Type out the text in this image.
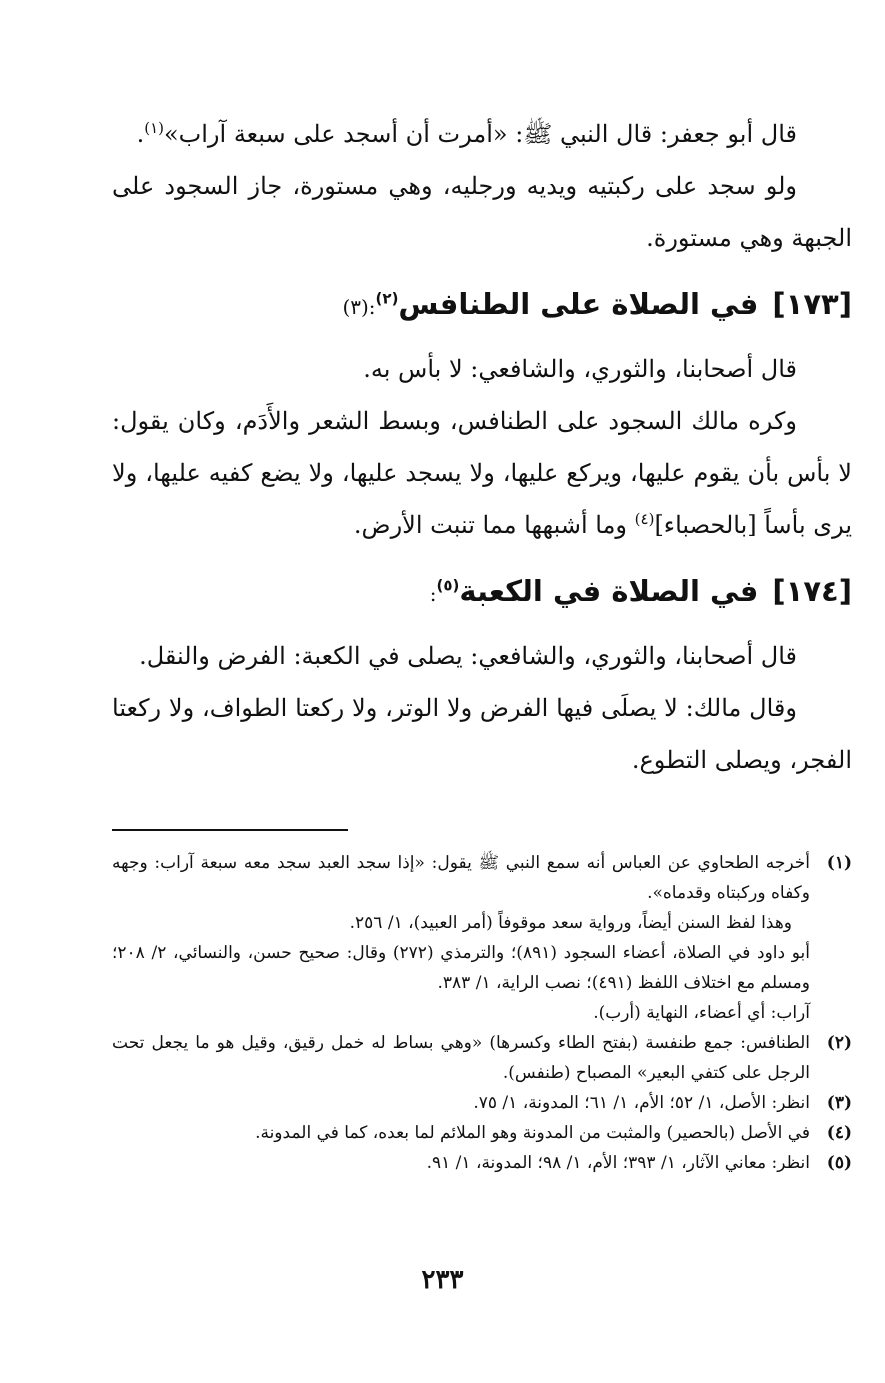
قال أبو جعفر: قال النبي ﷺ: «أمرت أن أسجد على سبعة آراب»$^{(١)}$.

ولو سجد على ركبتيه ويديه ورجليه، وهي مستورة، جاز السجود على الجبهة وهي مستورة.

[١٧٣]في الصلاة على الطنافس$^{(٢)}$:(٣)

قال أصحابنا، والثوري، والشافعي: لا بأس به.

وكره مالك السجود على الطنافس، وبسط الشعر والأَدَم، وكان يقول: لا بأس بأن يقوم عليها، ويركع عليها، ولا يسجد عليها، ولا يضع كفيه عليها، ولا يرى بأساً [بالحصباء]$^{(٤)}$ وما أشبهها مما تنبت الأرض.

[١٧٤]في الصلاة في الكعبة$^{(٥)}$:

قال أصحابنا، والثوري، والشافعي: يصلى في الكعبة: الفرض والنقل.

وقال مالك: لا يصلَى فيها الفرض ولا الوتر، ولا ركعتا الطواف، ولا ركعتا الفجر، ويصلى التطوع.

(١)

أخرجه الطحاوي عن العباس أنه سمع النبي ﷺ يقول: «إذا سجد العبد سجد معه سبعة آراب: وجهه وكفاه وركبتاه وقدماه».

وهذا لفظ السنن أيضاً، ورواية سعد موقوفاً (أمر العبيد)، ١/ ٢٥٦.

أبو داود في الصلاة، أعضاء السجود (٨٩١)؛ والترمذي (٢٧٢) وقال: صحيح حسن، والنسائي، ٢/ ٢٠٨؛ ومسلم مع اختلاف اللفظ (٤٩١)؛ نصب الراية، ١/ ٣٨٣.

آراب: أي أعضاء، النهاية (أرب).

(٢)

الطنافس: جمع طنفسة (بفتح الطاء وكسرها) «وهي بساط له خمل رقيق، وقيل هو ما يجعل تحت الرجل على كتفي البعير» المصباح (طنفس).

(٣)

انظر: الأصل، ١/ ٥٢؛ الأم، ١/ ٦١؛ المدونة، ١/ ٧٥.

(٤)

في الأصل (بالحصير) والمثبت من المدونة وهو الملائم لما بعده، كما في المدونة.

(٥)

انظر: معاني الآثار، ١/ ٣٩٣؛ الأم، ١/ ٩٨؛ المدونة، ١/ ٩١.

٢٣٣
